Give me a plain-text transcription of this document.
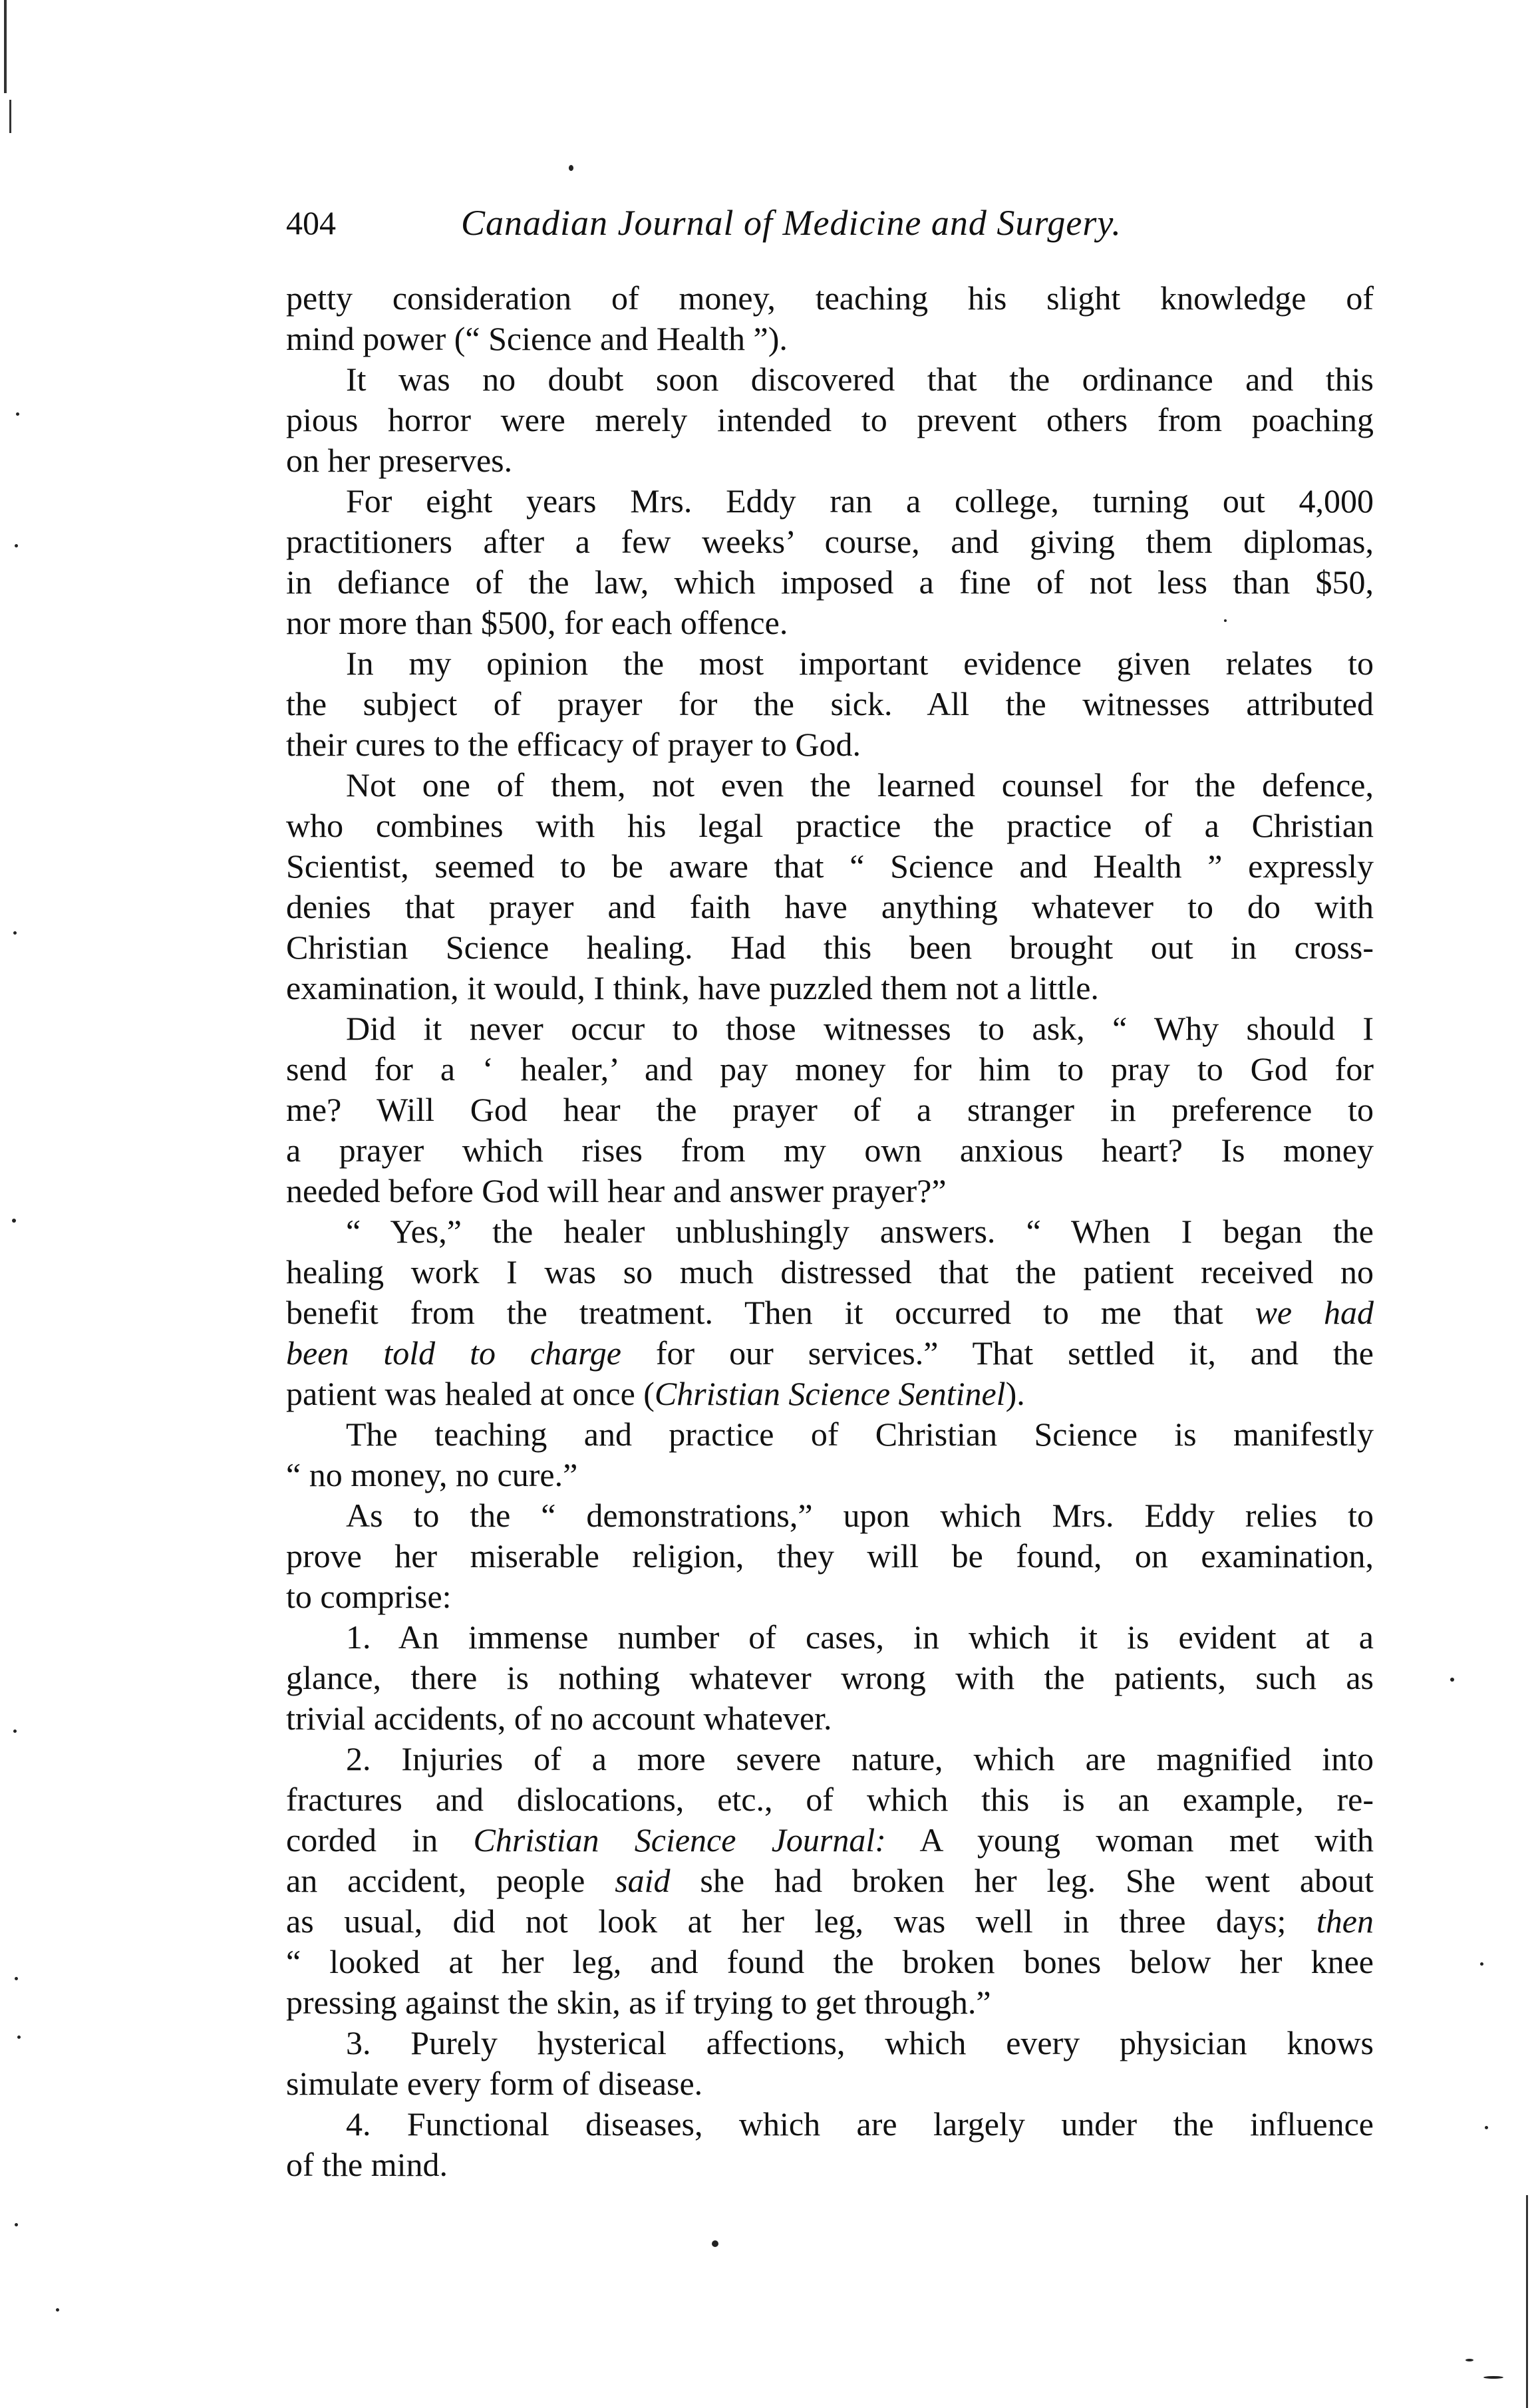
404	Canadian Journal of Medicine and Surgery.
petty consideration of money, teaching his slight knowledge of
mind power (“ Science and Health ”).
It was no doubt soon discovered that the ordinance and this
pious horror were merely intended to prevent others from poaching
on her preserves.
For eight years Mrs. Eddy ran a college, turning out 4,000
practitioners after a few weeks’ course, and giving them diplomas,
in defiance of the law, which imposed a fine of not less than $50,
nor more than $500, for each offence.
In my opinion the most important evidence given relates to
the subject of prayer for the sick. All the witnesses attributed
their cures to the efficacy of prayer to God.
Not one of them, not even the learned counsel for the defence,
who combines with his legal practice the practice of a Christian
Scientist, seemed to be aware that “ Science and Health ” expressly
denies that prayer and faith have anything whatever to do with
Christian Science healing. Had this been brought out in cross-
examination, it would, I think, have puzzled them not a little.
Did it never occur to those witnesses to ask, “ Why should I
send for a ‘ healer,’ and pay money for him to pray to God for
me? Will God hear the prayer of a stranger in preference to
a prayer which rises from my own anxious heart? Is money
needed before God will hear and answer prayer?”
“ Yes,” the healer unblushingly answers. “ When I began the
healing work I was so much distressed that the patient received no
benefit from the treatment. Then it occurred to me that we had
been told to charge for our services.” That settled it, and the
patient was healed at once (Christian Science Sentinel).
The teaching and practice of Christian Science is manifestly
“ no money, no cure.”
As to the “ demonstrations,” upon which Mrs. Eddy relies to
prove her miserable religion, they will be found, on examination,
to comprise:
1. An immense number of cases, in which it is evident at a
glance, there is nothing whatever wrong with the patients, such as
trivial accidents, of no account whatever.
2. Injuries of a more severe nature, which are magnified into
fractures and dislocations, etc., of which this is an example, re-
corded in Christian Science Journal: A young woman met with
an accident, people said she had broken her leg. She went about
as usual, did not look at her leg, was well in three days; then
“ looked at her leg, and found the broken bones below her knee
pressing against the skin, as if trying to get through.”
3. Purely hysterical affections, which every physician knows
simulate every form of disease.
4. Functional diseases, which are largely under the influence
of the mind.
